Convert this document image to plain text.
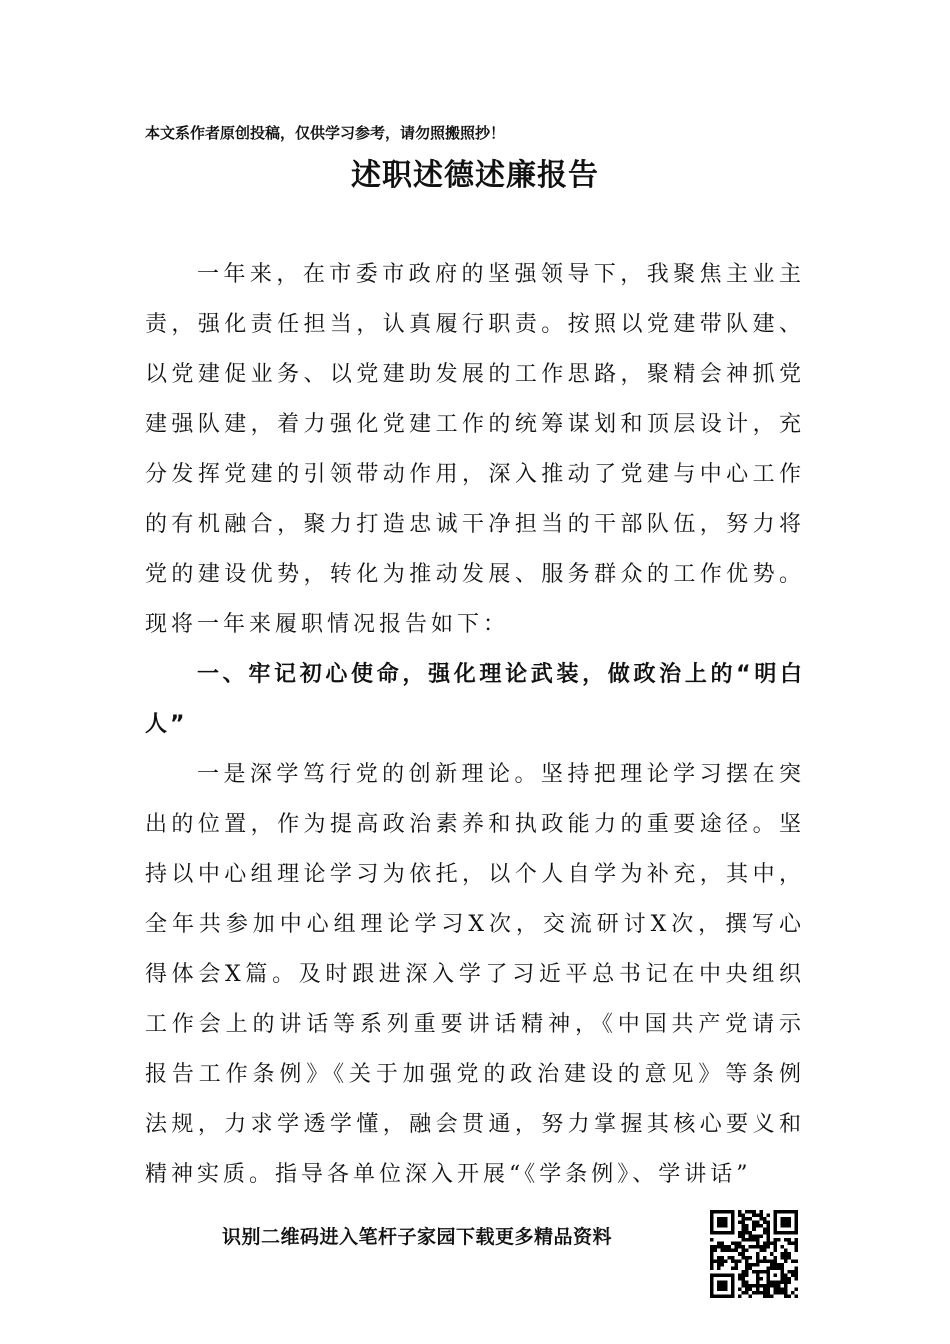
本文系作者原创投稿，仅供学习参考，请勿照搬照抄！
述职述德述廉报告

一年来，在市委市政府的坚强领导下，我聚焦主业主责，强化责任担当，认真履行职责。按照以党建带队建、以党建促业务、以党建助发展的工作思路，聚精会神抓党建强队建，着力强化党建工作的统筹谋划和顶层设计，充分发挥党建的引领带动作用，深入推动了党建与中心工作的有机融合，聚力打造忠诚干净担当的干部队伍，努力将党的建设优势，转化为推动发展、服务群众的工作优势。现将一年来履职情况报告如下：

一、牢记初心使命，强化理论武装，做政治上的“明白人”

一是深学笃行党的创新理论。坚持把理论学习摆在突出的位置，作为提高政治素养和执政能力的重要途径。坚持以中心组理论学习为依托，以个人自学为补充，其中，全年共参加中心组理论学习X次，交流研讨X次，撰写心得体会X篇。及时跟进深入学了习近平总书记在中央组织工作会上的讲话等系列重要讲话精神，《中国共产党请示报告工作条例》《关于加强党的政治建设的意见》等条例法规，力求学透学懂，融会贯通，努力掌握其核心要义和精神实质。指导各单位深入开展“《学条例》、学讲话”

识别二维码进入笔杆子家园下载更多精品资料
